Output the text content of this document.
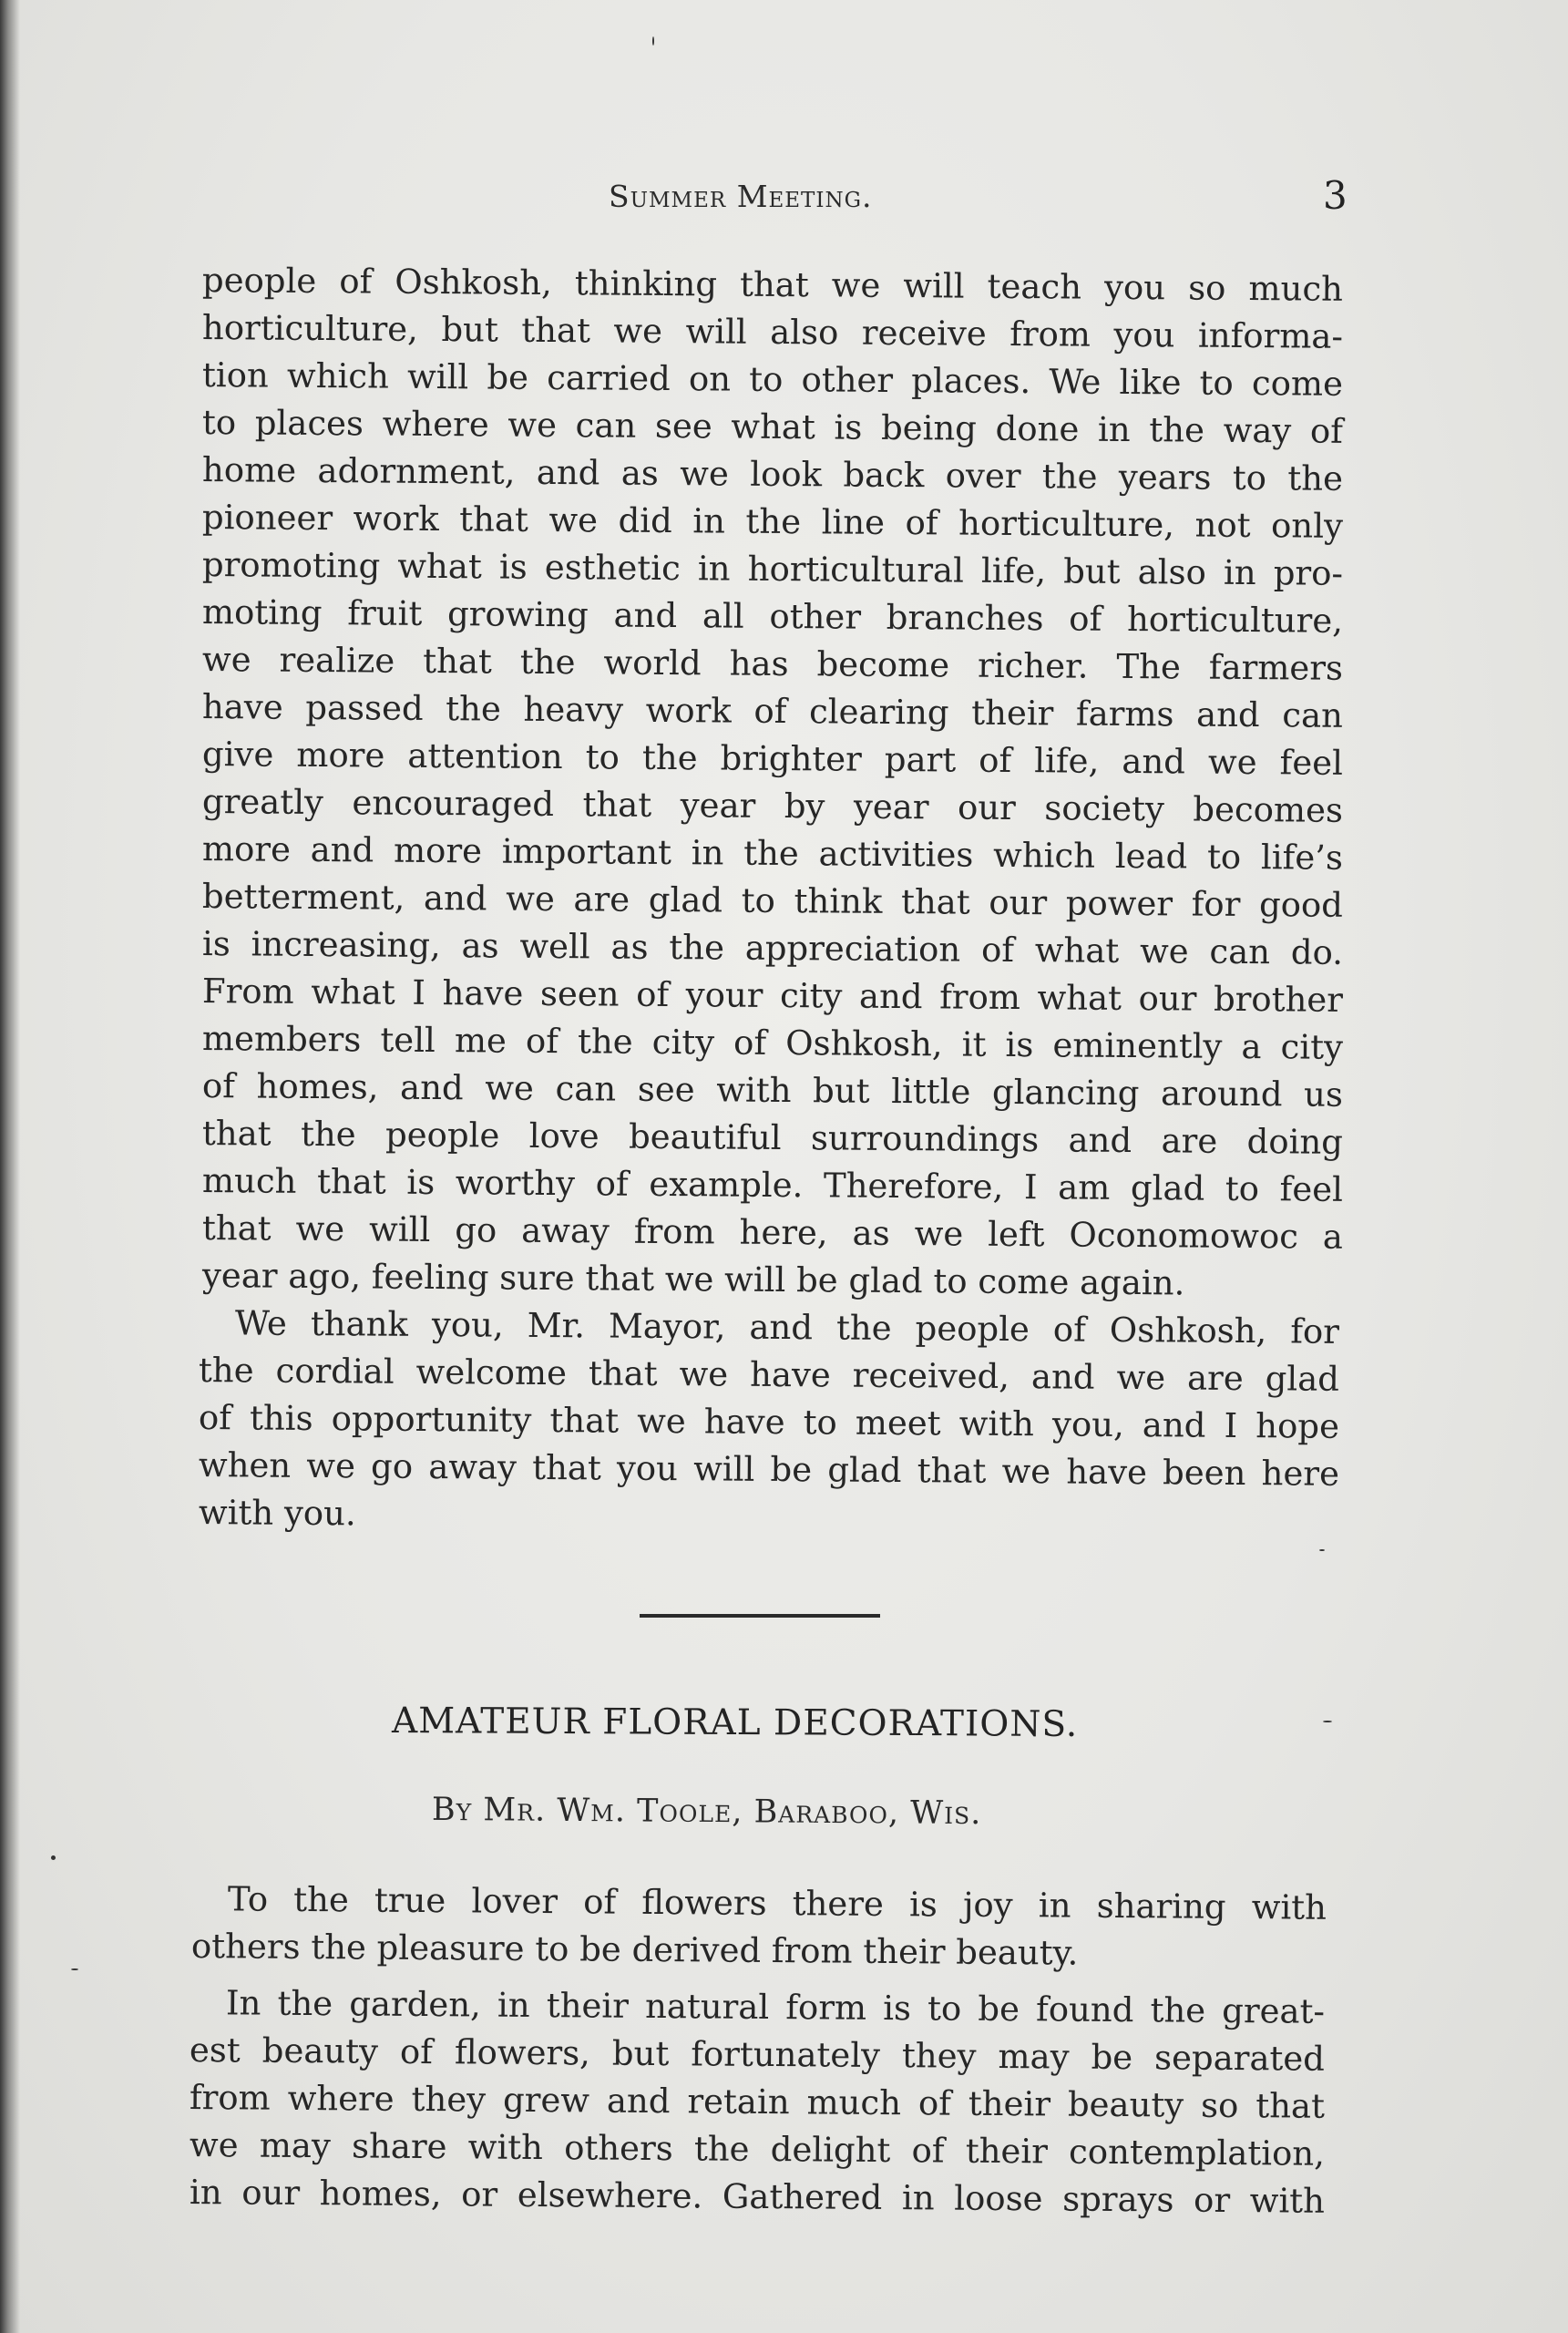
Summer Meeting.	3
people of Oshkosh, thinking that we will teach you so much
horticulture, but that we will also receive from you informa-
tion which will be carried on to other places. We like to come
to places where we can see what is being done in the way of
home adornment, and as we look back over the years to the
pioneer work that we did in the line of horticulture, not only
promoting what is esthetic in horticultural life, but also in pro-
moting fruit growing and all other branches of horticulture,
we realize that the world has become richer. The farmers
have passed the heavy work of clearing their farms and can
give more attention to the brighter part of life, and we feel
greatly encouraged that year by year our society becomes
more and more important in the activities which lead to life’s
betterment, and we are glad to think that our power for good
is increasing, as well as the appreciation of what we can do.
From what I have seen of your city and from what our brother
members tell me of the city of Oshkosh, it is eminently a city
of homes, and we can see with but little glancing around us
that the people love beautiful surroundings and are doing
much that is worthy of example. Therefore, I am glad to feel
that we will go away from here, as we left Oconomowoc a
year ago, feeling sure that we will be glad to come again.
We thank you, Mr. Mayor, and the people of Oshkosh, for
the cordial welcome that we have received, and we are glad
of this opportunity that we have to meet with you, and I hope
when we go away that you will be glad that we have been here
with you.
AMATEUR FLORAL DECORATIONS.
By Mr. Wm. Toole, Baraboo, Wis.
To the true lover of flowers there is joy in sharing with
others the pleasure to be derived from their beauty.
In the garden, in their natural form is to be found the great-
est beauty of flowers, but fortunately they may be separated
from where they grew and retain much of their beauty so that
we may share with others the delight of their contemplation,
in our homes, or elsewhere. Gathered in loose sprays or with
